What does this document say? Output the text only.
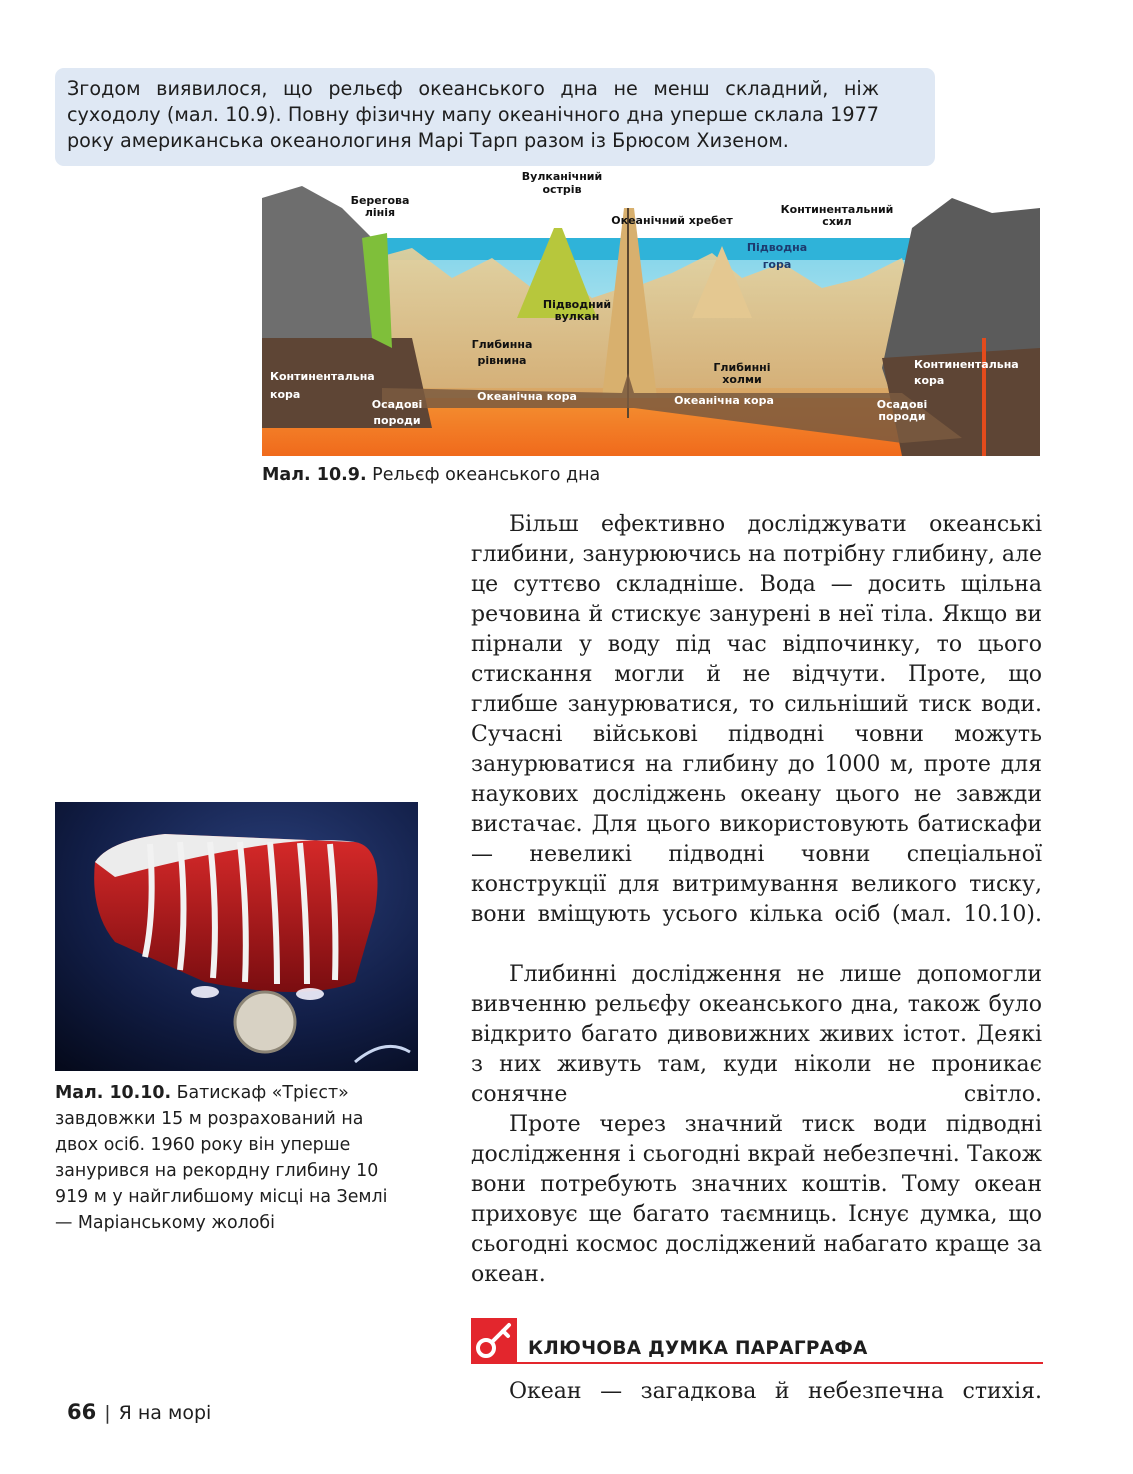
Згодом виявилося, що рельєф океанського дна не менш складний, ніж суходолу (мал. 10.9). Повну фізичну мапу океанічного дна уперше склала 1977 року американська океанологиня Марі Тарп разом із Брюсом Хизеном.
Вулканічний
острів
Берегова
лінія
Океанічний хребет
Континентальний
схил
Підводна
гора
Підводний
вулкан
Глибинна
рівнина
Глибинні
холми
Континентальна
кора
Континентальна
кора
Осадові
породи
Осадові
породи
Океанічна кора	Океанічна кора
Мал. 10.9. Рельєф океанського дна
Більш ефективно досліджувати океанські глибини, занурюючись на потрібну глибину, але це суттєво складніше. Вода — досить щільна речовина й стискує занурені в неї тіла. Якщо ви пірнали у воду під час відпочинку, то цього стискання могли й не відчути. Проте, що глибше занурюватися, то сильніший тиск води. Сучасні військові підводні човни можуть занурюватися на глибину до 1000 м, проте для наукових досліджень океану цього не завжди вистачає. Для цього використовують батискафи — невеликі підводні човни спеціальної конструкції для витримування великого тиску, вони вміщують усього кілька осіб (мал. 10.10).
Глибинні дослідження не лише допомогли вивченню рельєфу океанського дна, також було відкрито багато дивовижних живих істот. Деякі з них живуть там, куди ніколи не проникає сонячне світло.
Проте через значний тиск води підводні дослідження і сьогодні вкрай небезпечні. Також вони потребують значних коштів. Тому океан приховує ще багато таємниць. Існує думка, що сьогодні космос досліджений набагато краще за океан.
Мал. 10.10. Батискаф «Трієст» завдовжки 15 м розрахований на двох осіб. 1960 року він уперше занурився на рекордну глибину 10 919 м у найглибшому місці на Землі — Маріанському жолобі
КЛЮЧОВА ДУМКА ПАРАГРАФА
Океан — загадкова й небезпечна стихія.
66 | Я на морі
